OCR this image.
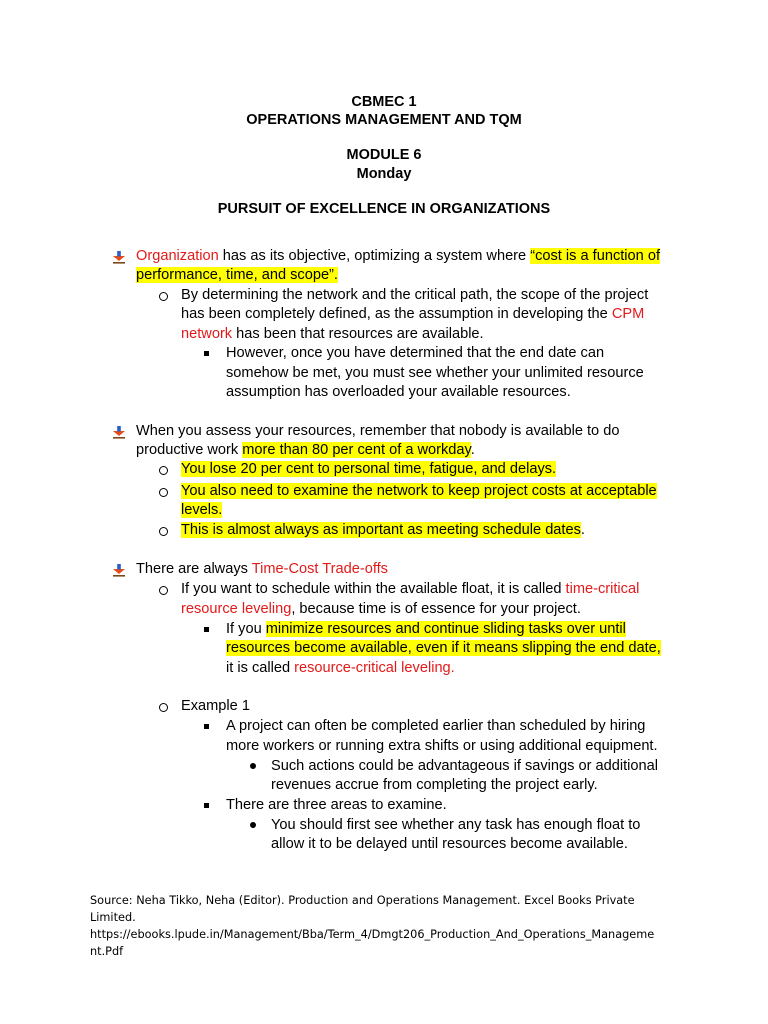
CBMEC 1
OPERATIONS MANAGEMENT AND TQM
MODULE 6
Monday
PURSUIT OF EXCELLENCE IN ORGANIZATIONS
Organization has as its objective, optimizing a system where “cost is a function of
performance, time, and scope”.
By determining the network and the critical path, the scope of the project
has been completely defined, as the assumption in developing the CPM
network has been that resources are available.
However, once you have determined that the end date can
somehow be met, you must see whether your unlimited resource
assumption has overloaded your available resources.
When you assess your resources, remember that nobody is available to do
productive work more than 80 per cent of a workday.
You lose 20 per cent to personal time, fatigue, and delays.
You also need to examine the network to keep project costs at acceptable
levels.
This is almost always as important as meeting schedule dates.
There are always Time-Cost Trade-offs
If you want to schedule within the available float, it is called time-critical
resource leveling, because time is of essence for your project.
If you minimize resources and continue sliding tasks over until
resources become available, even if it means slipping the end date,
it is called resource-critical leveling.
Example 1
A project can often be completed earlier than scheduled by hiring
more workers or running extra shifts or using additional equipment.
Such actions could be advantageous if savings or additional
revenues accrue from completing the project early.
There are three areas to examine.
You should first see whether any task has enough float to
allow it to be delayed until resources become available.
Source: Neha Tikko, Neha (Editor). Production and Operations Management. Excel Books Private
Limited.
https://ebooks.lpude.in/Management/Bba/Term_4/Dmgt206_Production_And_Operations_Manageme
nt.Pdf
